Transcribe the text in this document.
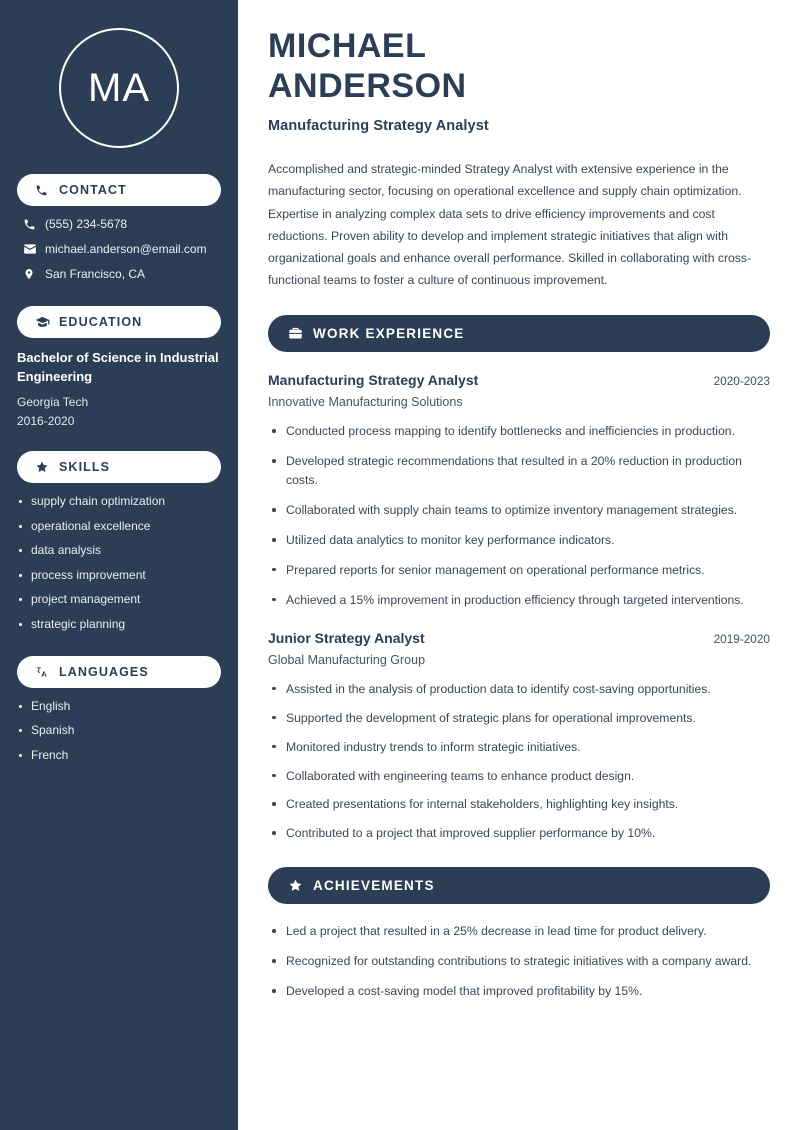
MA
CONTACT
(555) 234-5678
michael.anderson@email.com
San Francisco, CA
EDUCATION
Bachelor of Science in Industrial Engineering
Georgia Tech
2016-2020
SKILLS
supply chain optimization
operational excellence
data analysis
process improvement
project management
strategic planning
LANGUAGES
English
Spanish
French
MICHAEL
ANDERSON
Manufacturing Strategy Analyst

Accomplished and strategic-minded Strategy Analyst with extensive experience in the manufacturing sector, focusing on operational excellence and supply chain optimization. Expertise in analyzing complex data sets to drive efficiency improvements and cost reductions. Proven ability to develop and implement strategic initiatives that align with organizational goals and enhance overall performance. Skilled in collaborating with cross-functional teams to foster a culture of continuous improvement.

WORK EXPERIENCE
Manufacturing Strategy Analyst	2020-2023
Innovative Manufacturing Solutions
Conducted process mapping to identify bottlenecks and inefficiencies in production.
Developed strategic recommendations that resulted in a 20% reduction in production costs.
Collaborated with supply chain teams to optimize inventory management strategies.
Utilized data analytics to monitor key performance indicators.
Prepared reports for senior management on operational performance metrics.
Achieved a 15% improvement in production efficiency through targeted interventions.
Junior Strategy Analyst	2019-2020
Global Manufacturing Group
Assisted in the analysis of production data to identify cost-saving opportunities.
Supported the development of strategic plans for operational improvements.
Monitored industry trends to inform strategic initiatives.
Collaborated with engineering teams to enhance product design.
Created presentations for internal stakeholders, highlighting key insights.
Contributed to a project that improved supplier performance by 10%.
ACHIEVEMENTS
Led a project that resulted in a 25% decrease in lead time for product delivery.
Recognized for outstanding contributions to strategic initiatives with a company award.
Developed a cost-saving model that improved profitability by 15%.
